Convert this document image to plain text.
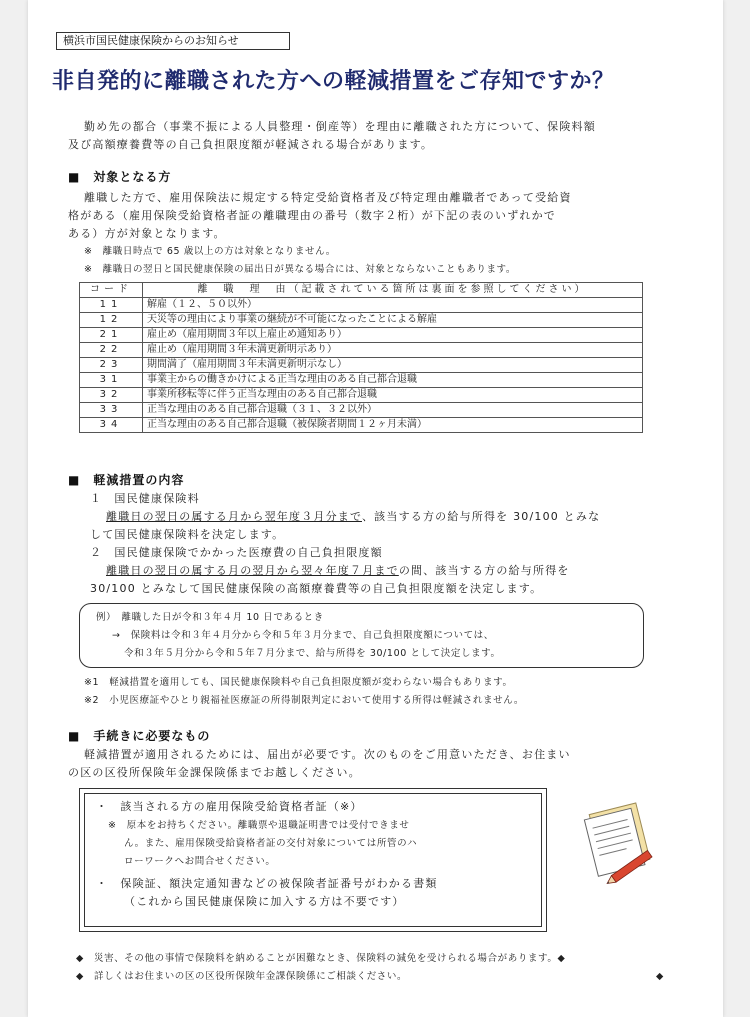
横浜市国民健康保険からのお知らせ
非自発的に離職された方への軽減措置をご存知ですか？
勤め先の都合（事業不振による人員整理・倒産等）を理由に離職された方について、保険料額
及び高額療養費等の自己負担限度額が軽減される場合があります。
■　対象となる方
離職した方で、雇用保険法に規定する特定受給資格者及び特定理由離職者であって受給資
格がある（雇用保険受給資格者証の離職理由の番号（数字２桁）が下記の表のいずれかで
ある）方が対象となります。
※　離職日時点で 65 歳以上の方は対象となりません。
※　離職日の翌日と国民健康保険の届出日が異なる場合には、対象とならないこともあります。
コード	離　職　理　由（記載されている箇所は裏面を参照してください）
11	解雇（１２、５０以外）
12	天災等の理由により事業の継続が不可能になったことによる解雇
21	雇止め（雇用期間３年以上雇止め通知あり）
22	雇止め（雇用期間３年未満更新明示あり）
23	期間満了（雇用期間３年未満更新明示なし）
31	事業主からの働きかけによる正当な理由のある自己都合退職
32	事業所移転等に伴う正当な理由のある自己都合退職
33	正当な理由のある自己都合退職（３１、３２以外）
34	正当な理由のある自己都合退職（被保険者期間１２ヶ月未満）
■　軽減措置の内容
１　国民健康保険料
離職日の翌日の属する月から翌年度３月分まで、該当する方の給与所得を 30/100 とみな
して国民健康保険料を決定します。
２　国民健康保険でかかった医療費の自己負担限度額
離職日の翌日の属する月の翌月から翌々年度７月までの間、該当する方の給与所得を
30/100 とみなして国民健康保険の高額療養費等の自己負担限度額を決定します。
例）　離職した日が令和３年４月 10 日であるとき
→　保険料は令和３年４月分から令和５年３月分まで、自己負担限度額については、
令和３年５月分から令和５年７月分まで、給与所得を 30/100 として決定します。
※1　軽減措置を適用しても、国民健康保険料や自己負担限度額が変わらない場合もあります。
※2　小児医療証やひとり親福祉医療証の所得制限判定において使用する所得は軽減されません。
■　手続きに必要なもの
軽減措置が適用されるためには、届出が必要です。次のものをご用意いただき、お住まい
の区の区役所保険年金課保険係までお越しください。
・　該当される方の雇用保険受給資格者証（※）
※　原本をお持ちください。離職票や退職証明書では受付できませ
ん。また、雇用保険受給資格者証の交付対象については所管のハ
ローワークへお問合せください。
・　保険証、額決定通知書などの被保険者証番号がわかる書類
（これから国民健康保険に加入する方は不要です）
◆　災害、その他の事情で保険料を納めることが困難なとき、保険料の減免を受けられる場合があります。◆
◆　詳しくはお住まいの区の区役所保険年金課保険係にご相談ください。	◆
